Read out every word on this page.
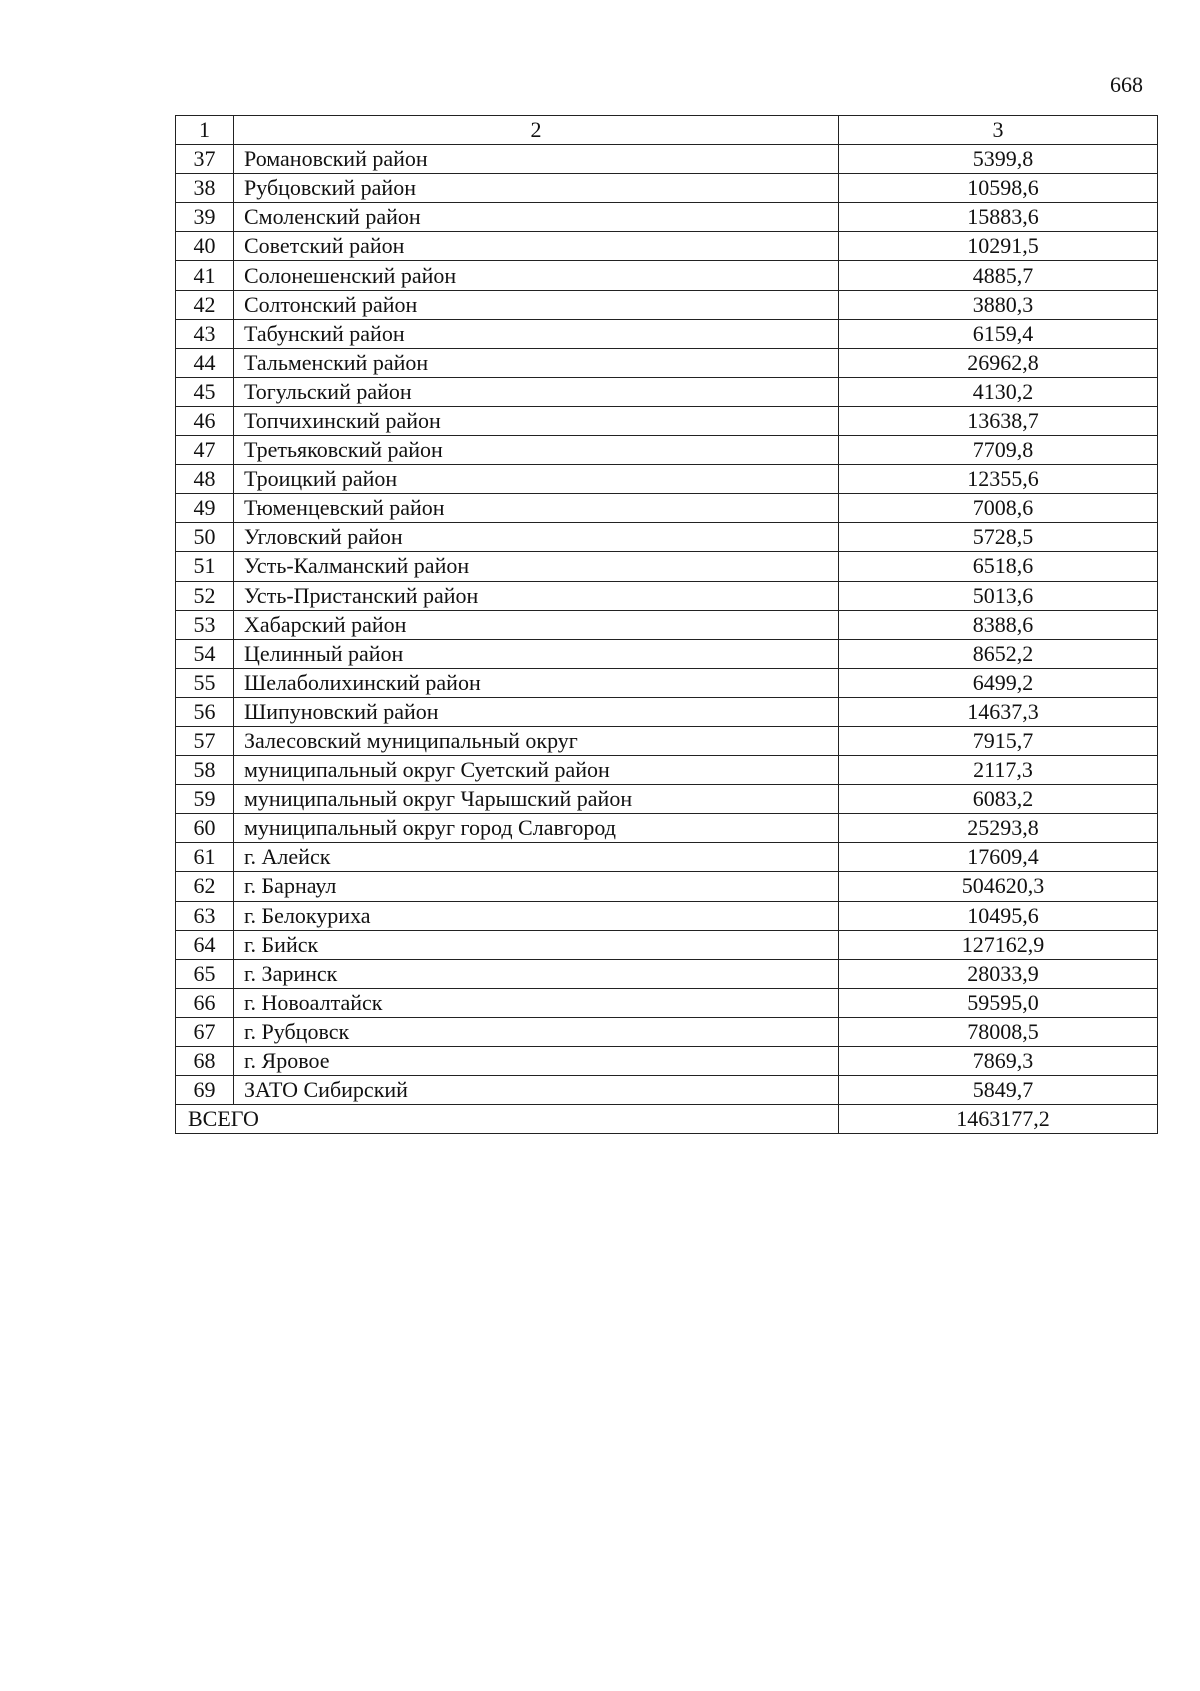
668
1	2	3
37	Романовский район	5399,8
38	Рубцовский район	10598,6
39	Смоленский район	15883,6
40	Советский район	10291,5
41	Солонешенский район	4885,7
42	Солтонский район	3880,3
43	Табунский район	6159,4
44	Тальменский район	26962,8
45	Тогульский район	4130,2
46	Топчихинский район	13638,7
47	Третьяковский район	7709,8
48	Троицкий район	12355,6
49	Тюменцевский район	7008,6
50	Угловский район	5728,5
51	Усть-Калманский район	6518,6
52	Усть-Пристанский район	5013,6
53	Хабарский район	8388,6
54	Целинный район	8652,2
55	Шелаболихинский район	6499,2
56	Шипуновский район	14637,3
57	Залесовский муниципальный округ	7915,7
58	муниципальный округ Суетский район	2117,3
59	муниципальный округ Чарышский район	6083,2
60	муниципальный округ город Славгород	25293,8
61	г. Алейск	17609,4
62	г. Барнаул	504620,3
63	г. Белокуриха	10495,6
64	г. Бийск	127162,9
65	г. Заринск	28033,9
66	г. Новоалтайск	59595,0
67	г. Рубцовск	78008,5
68	г. Яровое	7869,3
69	ЗАТО Сибирский	5849,7
ВСЕГО		1463177,2
